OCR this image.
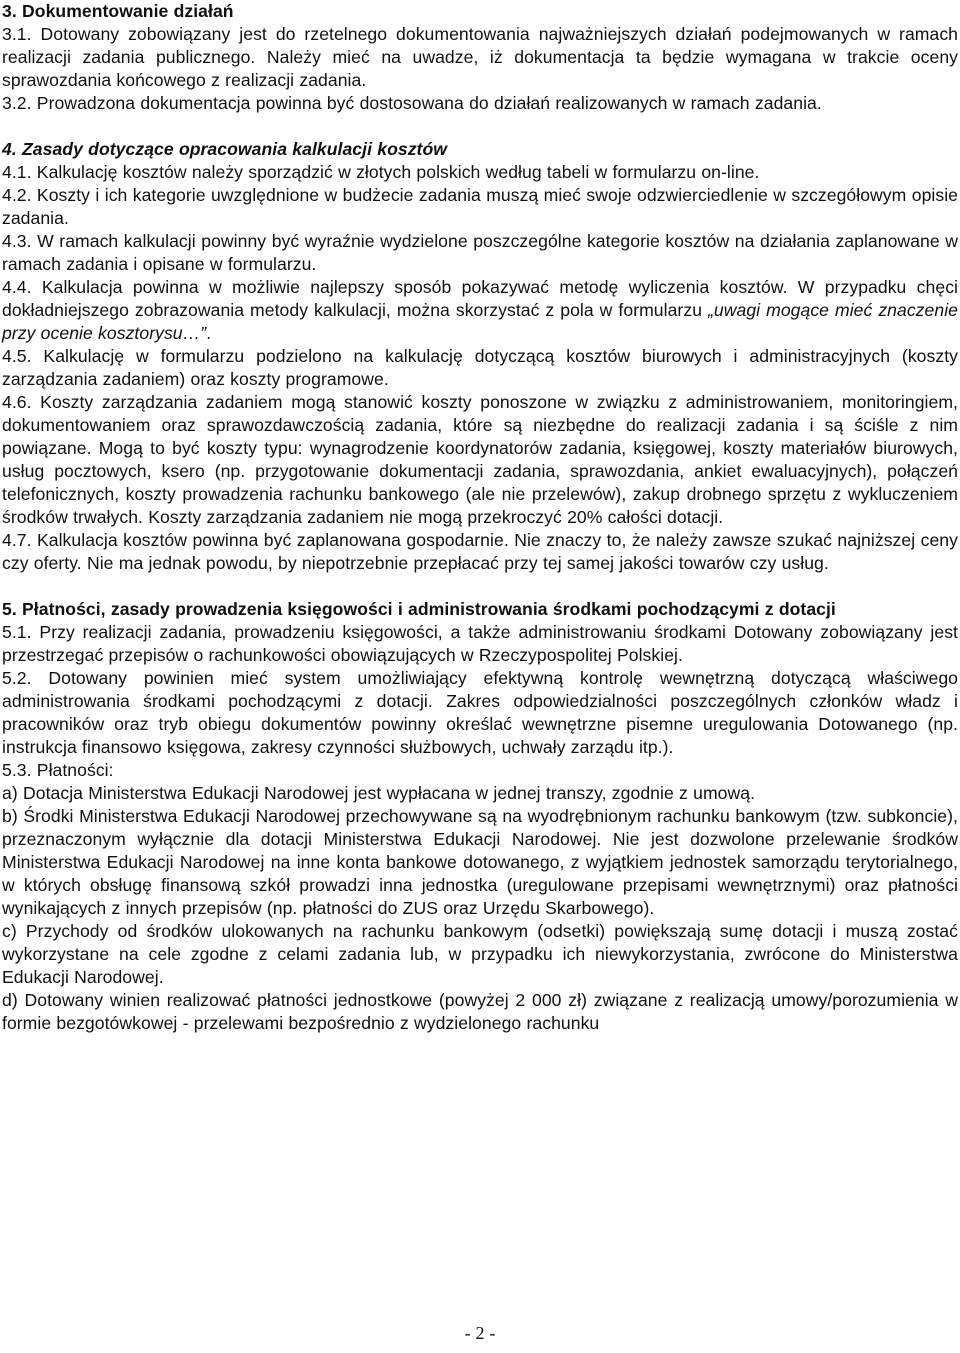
3. Dokumentowanie działań

3.1. Dotowany zobowiązany jest do rzetelnego dokumentowania najważniejszych działań podejmowanych w ramach realizacji zadania publicznego. Należy mieć na uwadze, iż dokumentacja ta będzie wymagana w trakcie oceny sprawozdania końcowego z realizacji zadania.

3.2. Prowadzona dokumentacja powinna być dostosowana do działań realizowanych w ramach zadania.

4. Zasady dotyczące opracowania kalkulacji kosztów

4.1. Kalkulację kosztów należy sporządzić w złotych polskich według tabeli w formularzu on-line.

4.2. Koszty i ich kategorie uwzględnione w budżecie zadania muszą mieć swoje odzwierciedlenie w szczegółowym opisie zadania.

4.3. W ramach kalkulacji powinny być wyraźnie wydzielone poszczególne kategorie kosztów na działania zaplanowane w ramach zadania i opisane w formularzu.

4.4. Kalkulacja powinna w możliwie najlepszy sposób pokazywać metodę wyliczenia kosztów. W przypadku chęci dokładniejszego zobrazowania metody kalkulacji, można skorzystać z pola w formularzu „uwagi mogące mieć znaczenie przy ocenie kosztorysu…”.

4.5. Kalkulację w formularzu podzielono na kalkulację dotyczącą kosztów biurowych i administracyjnych (koszty zarządzania zadaniem) oraz koszty programowe.

4.6. Koszty zarządzania zadaniem mogą stanowić koszty ponoszone w związku z administrowaniem, monitoringiem, dokumentowaniem oraz sprawozdawczością zadania, które są niezbędne do realizacji zadania i są ściśle z nim powiązane. Mogą to być koszty typu: wynagrodzenie koordynatorów zadania, księgowej, koszty materiałów biurowych, usług pocztowych, ksero (np. przygotowanie dokumentacji zadania, sprawozdania, ankiet ewaluacyjnych), połączeń telefonicznych, koszty prowadzenia rachunku bankowego (ale nie przelewów), zakup drobnego sprzętu z wykluczeniem środków trwałych. Koszty zarządzania zadaniem nie mogą przekroczyć 20% całości dotacji.

4.7. Kalkulacja kosztów powinna być zaplanowana gospodarnie. Nie znaczy to, że należy zawsze szukać najniższej ceny czy oferty. Nie ma jednak powodu, by niepotrzebnie przepłacać przy tej samej jakości towarów czy usług.

5. Płatności, zasady prowadzenia księgowości i administrowania środkami pochodzącymi z dotacji

5.1. Przy realizacji zadania, prowadzeniu księgowości, a także administrowaniu środkami Dotowany zobowiązany jest przestrzegać przepisów o rachunkowości obowiązujących w Rzeczypospolitej Polskiej.

5.2. Dotowany powinien mieć system umożliwiający efektywną kontrolę wewnętrzną dotyczącą właściwego administrowania środkami pochodzącymi z dotacji. Zakres odpowiedzialności poszczególnych członków władz i pracowników oraz tryb obiegu dokumentów powinny określać wewnętrzne pisemne uregulowania Dotowanego (np. instrukcja finansowo księgowa, zakresy czynności służbowych, uchwały zarządu itp.).

5.3. Płatności:

a) Dotacja Ministerstwa Edukacji Narodowej jest wypłacana w jednej transzy, zgodnie z umową.

b) Środki Ministerstwa Edukacji Narodowej przechowywane są na wyodrębnionym rachunku bankowym (tzw. subkoncie), przeznaczonym wyłącznie dla dotacji Ministerstwa Edukacji Narodowej. Nie jest dozwolone przelewanie środków Ministerstwa Edukacji Narodowej na inne konta bankowe dotowanego, z wyjątkiem jednostek samorządu terytorialnego, w których obsługę finansową szkół prowadzi inna jednostka (uregulowane przepisami wewnętrznymi) oraz płatności wynikających z innych przepisów (np. płatności do ZUS oraz Urzędu Skarbowego).

c) Przychody od środków ulokowanych na rachunku bankowym (odsetki) powiększają sumę dotacji i muszą zostać wykorzystane na cele zgodne z celami zadania lub, w przypadku ich niewykorzystania, zwrócone do Ministerstwa Edukacji Narodowej.

d) Dotowany winien realizować płatności jednostkowe (powyżej 2 000 zł) związane z realizacją umowy/porozumienia w formie bezgotówkowej - przelewami bezpośrednio z wydzielonego rachunku

- 2 -
